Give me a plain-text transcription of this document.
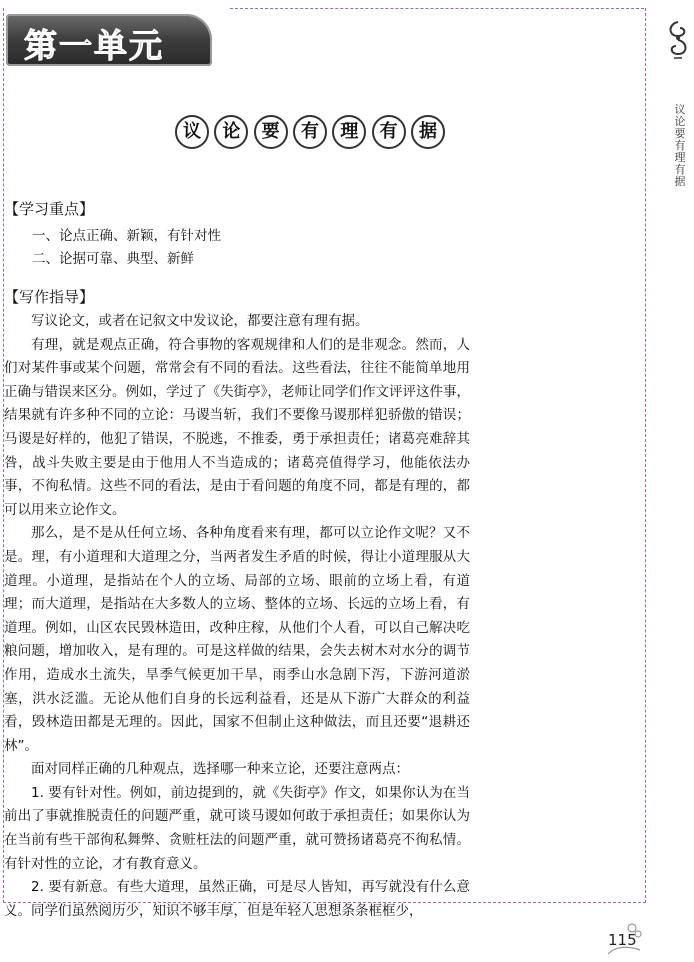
第一单元
议	论	要	有	理	有	据
议论要有理有据
【学习重点】
一、论点正确、新颖，有针对性
二、论据可靠、典型、新鲜
【写作指导】

写议论文，或者在记叙文中发议论，都要注意有理有据。

有理，就是观点正确，符合事物的客观规律和人们的是非观念。然而，人们对某件事或某个问题，常常会有不同的看法。这些看法，往往不能简单地用正确与错误来区分。例如，学过了《失街亭》，老师让同学们作文评评这件事，结果就有许多种不同的立论：马谡当斩，我们不要像马谡那样犯骄傲的错误；马谡是好样的，他犯了错误，不脱逃，不推委，勇于承担责任；诸葛亮难辞其咎，战斗失败主要是由于他用人不当造成的；诸葛亮值得学习，他能依法办事，不徇私情。这些不同的看法，是由于看问题的角度不同，都是有理的，都可以用来立论作文。

那么，是不是从任何立场、各种角度看来有理，都可以立论作文呢？又不是。理，有小道理和大道理之分，当两者发生矛盾的时候，得让小道理服从大道理。小道理，是指站在个人的立场、局部的立场、眼前的立场上看，有道理；而大道理，是指站在大多数人的立场、整体的立场、长远的立场上看，有道理。例如，山区农民毁林造田，改种庄稼，从他们个人看，可以自己解决吃粮问题，增加收入，是有理的。可是这样做的结果，会失去树木对水分的调节作用，造成水土流失，旱季气候更加干旱，雨季山水急剧下泻，下游河道淤塞，洪水泛滥。无论从他们自身的长远利益看，还是从下游广大群众的利益看，毁林造田都是无理的。因此，国家不但制止这种做法，而且还要“退耕还林”。

面对同样正确的几种观点，选择哪一种来立论，还要注意两点：

1. 要有针对性。例如，前边提到的，就《失街亭》作文，如果你认为在当前出了事就推脱责任的问题严重，就可谈马谡如何敢于承担责任；如果你认为在当前有些干部徇私舞弊、贪赃枉法的问题严重，就可赞扬诸葛亮不徇私情。有针对性的立论，才有教育意义。

2. 要有新意。有些大道理，虽然正确，可是尽人皆知，再写就没有什么意义。同学们虽然阅历少，知识不够丰厚，但是年轻人思想条条框框少，

115
